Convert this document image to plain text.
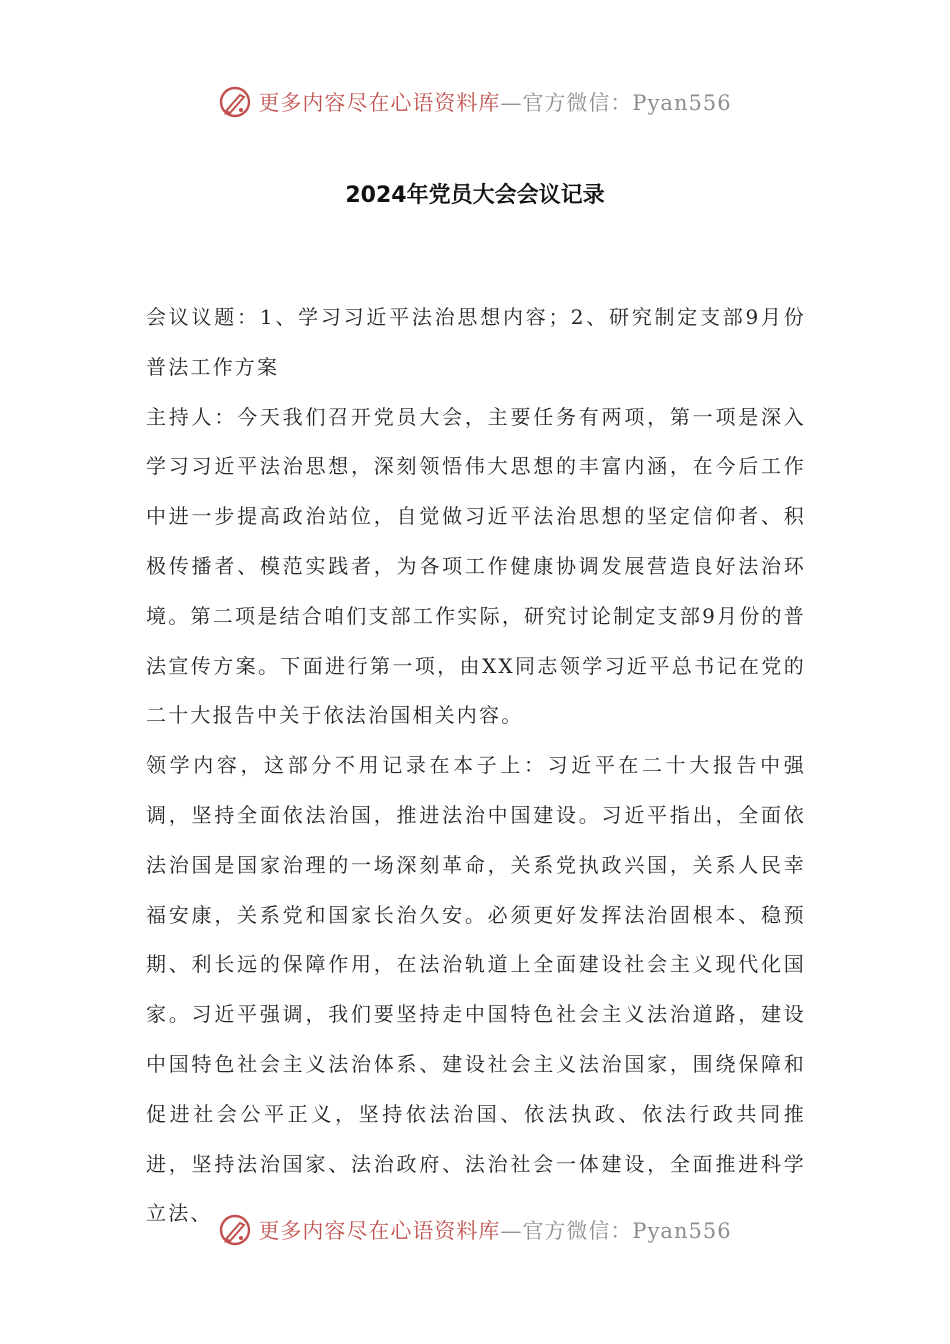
更多内容尽在心语资料库—官方微信：Pyan556
2024年党员大会会议记录

会议议题：1、学习习近平法治思想内容；2、研究制定支部9月份普法工作方案

主持人：今天我们召开党员大会，主要任务有两项，第一项是深入学习习近平法治思想，深刻领悟伟大思想的丰富内涵，在今后工作中进一步提高政治站位，自觉做习近平法治思想的坚定信仰者、积极传播者、模范实践者，为各项工作健康协调发展营造良好法治环境。第二项是结合咱们支部工作实际，研究讨论制定支部9月份的普法宣传方案。下面进行第一项，由XX同志领学习近平总书记在党的二十大报告中关于依法治国相关内容。

领学内容，这部分不用记录在本子上：习近平在二十大报告中强调，坚持全面依法治国，推进法治中国建设。习近平指出，全面依法治国是国家治理的一场深刻革命，关系党执政兴国，关系人民幸福安康，关系党和国家长治久安。必须更好发挥法治固根本、稳预期、利长远的保障作用，在法治轨道上全面建设社会主义现代化国家。习近平强调，我们要坚持走中国特色社会主义法治道路，建设中国特色社会主义法治体系、建设社会主义法治国家，围绕保障和促进社会公平正义，坚持依法治国、依法执政、依法行政共同推进，坚持法治国家、法治政府、法治社会一体建设，全面推进科学立法、

更多内容尽在心语资料库—官方微信：Pyan556
